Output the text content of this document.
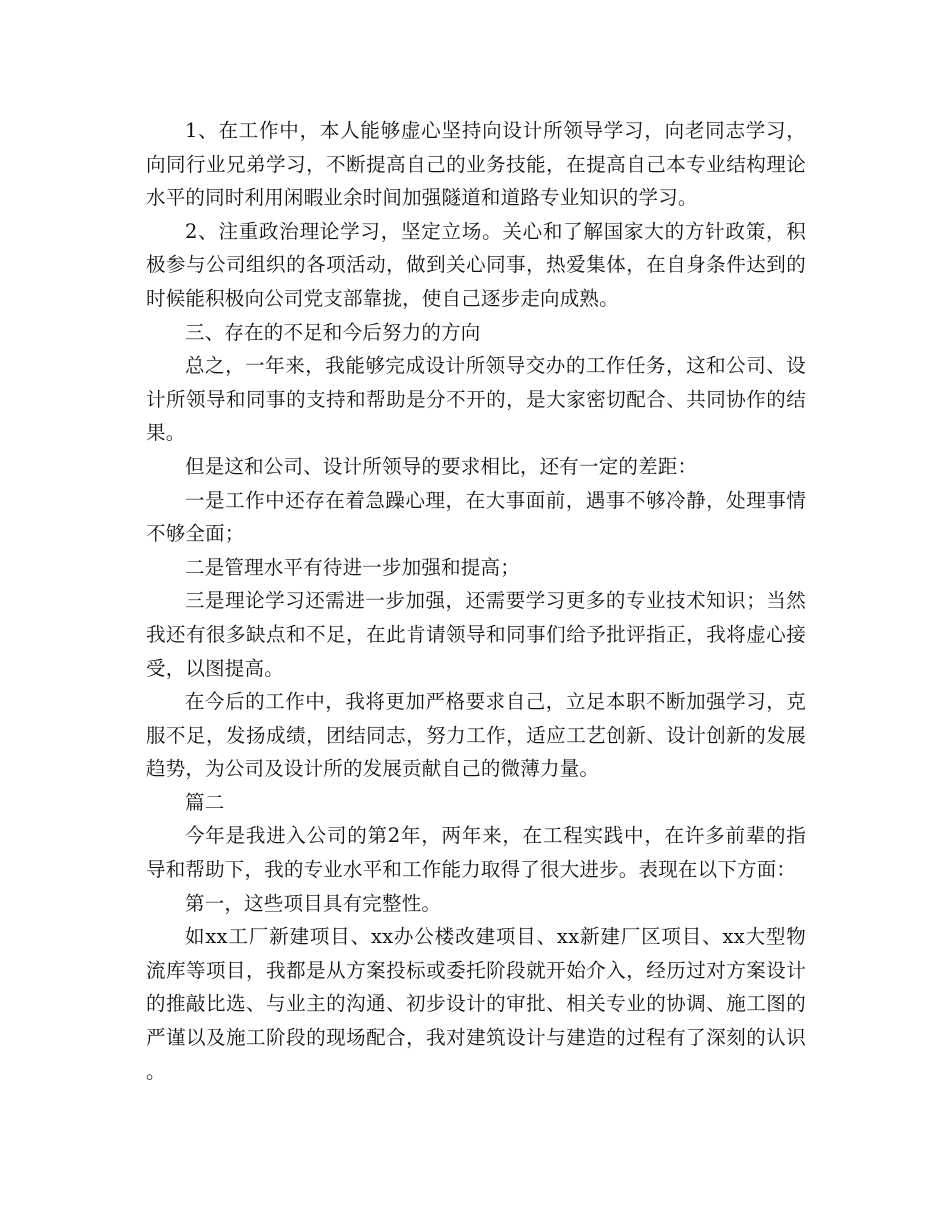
1、在工作中，本人能够虚心坚持向设计所领导学习，向老同志学习，向同行业兄弟学习，不断提高自己的业务技能，在提高自己本专业结构理论水平的同时利用闲暇业余时间加强隧道和道路专业知识的学习。

2、注重政治理论学习，坚定立场。关心和了解国家大的方针政策，积极参与公司组织的各项活动，做到关心同事，热爱集体，在自身条件达到的时候能积极向公司党支部靠拢，使自己逐步走向成熟。

三、存在的不足和今后努力的方向

总之，一年来，我能够完成设计所领导交办的工作任务，这和公司、设计所领导和同事的支持和帮助是分不开的，是大家密切配合、共同协作的结果。

但是这和公司、设计所领导的要求相比，还有一定的差距：

一是工作中还存在着急躁心理，在大事面前，遇事不够冷静，处理事情不够全面；

二是管理水平有待进一步加强和提高；

三是理论学习还需进一步加强，还需要学习更多的专业技术知识；当然我还有很多缺点和不足，在此肯请领导和同事们给予批评指正，我将虚心接受，以图提高。

在今后的工作中，我将更加严格要求自己，立足本职不断加强学习，克服不足，发扬成绩，团结同志，努力工作，适应工艺创新、设计创新的发展趋势，为公司及设计所的发展贡献自己的微薄力量。

篇二

今年是我进入公司的第2年，两年来，在工程实践中，在许多前辈的指导和帮助下，我的专业水平和工作能力取得了很大进步。表现在以下方面：

第一，这些项目具有完整性。

如xx工厂新建项目、xx办公楼改建项目、xx新建厂区项目、xx大型物流库等项目，我都是从方案投标或委托阶段就开始介入，经历过对方案设计的推敲比选、与业主的沟通、初步设计的审批、相关专业的协调、施工图的严谨以及施工阶段的现场配合，我对建筑设计与建造的过程有了深刻的认识。
